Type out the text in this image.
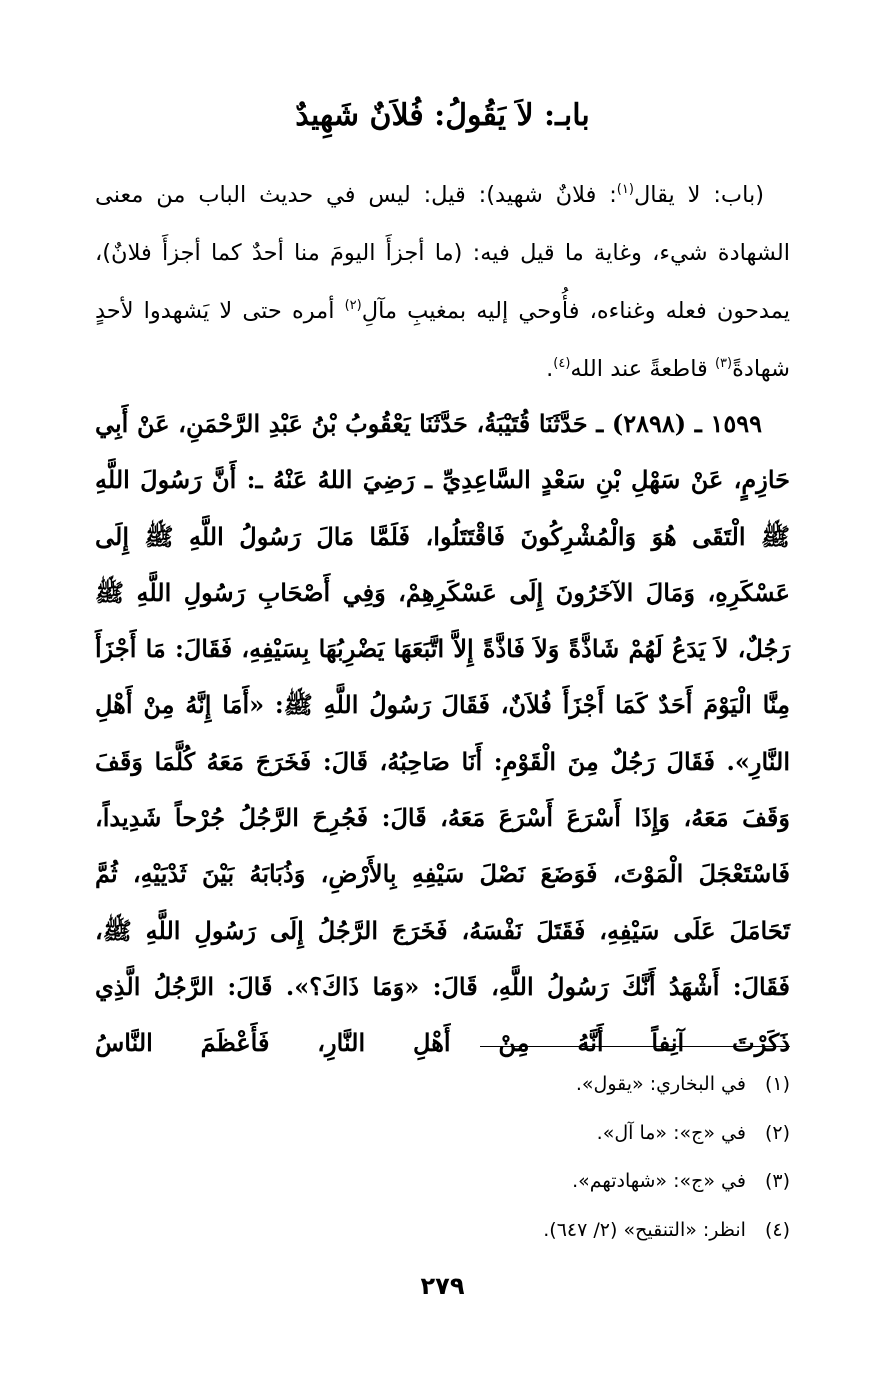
بابـ: لاَ يَقُولُ: فُلاَنٌ شَهِيدٌ

(باب: لا يقال$^{(١)}$: فلانٌ شهيد): قيل: ليس في حديث الباب من معنى الشهادة شيء، وغاية ما قيل فيه: (ما أجزأَ اليومَ منا أحدٌ كما أجزأَ فلانٌ)، يمدحون فعله وغناءه، فأُوحي إليه بمغيبِ مآلِ$^{(٢)}$ أمره حتى لا يَشهدوا لأحدٍ شهادةً$^{(٣)}$ قاطعةً عند الله$^{(٤)}$.

١٥٩٩ ـ (٢٨٩٨) ـ حَدَّثَنَا قُتَيْبَةُ، حَدَّثَنَا يَعْقُوبُ بْنُ عَبْدِ الرَّحْمَنِ، عَنْ أَبِي حَازِمٍ، عَنْ سَهْلِ بْنِ سَعْدٍ السَّاعِدِيِّ ـ رَضِيَ اللهُ عَنْهُ ـ: أَنَّ رَسُولَ اللَّهِ ﷺ الْتَقَى هُوَ وَالْمُشْرِكُونَ فَاقْتَتَلُوا، فَلَمَّا مَالَ رَسُولُ اللَّهِ ﷺ إِلَى عَسْكَرِهِ، وَمَالَ الآخَرُونَ إِلَى عَسْكَرِهِمْ، وَفِي أَصْحَابِ رَسُولِ اللَّهِ ﷺ رَجُلٌ، لاَ يَدَعُ لَهُمْ شَاذَّةً وَلاَ فَاذَّةً إِلاَّ اتَّبَعَهَا يَضْرِبُهَا بِسَيْفِهِ، فَقَالَ: مَا أَجْزَأَ مِنَّا الْيَوْمَ أَحَدٌ كَمَا أَجْزَأَ فُلاَنٌ، فَقَالَ رَسُولُ اللَّهِ ﷺ: «أَمَا إِنَّهُ مِنْ أَهْلِ النَّارِ». فَقَالَ رَجُلٌ مِنَ الْقَوْمِ: أَنَا صَاحِبُهُ، قَالَ: فَخَرَجَ مَعَهُ كُلَّمَا وَقَفَ وَقَفَ مَعَهُ، وَإِذَا أَسْرَعَ أَسْرَعَ مَعَهُ، قَالَ: فَجُرِحَ الرَّجُلُ جُرْحاً شَدِيداً، فَاسْتَعْجَلَ الْمَوْتَ، فَوَضَعَ نَصْلَ سَيْفِهِ بِالأَرْضِ، وَذُبَابَهُ بَيْنَ ثَدْيَيْهِ، ثُمَّ تَحَامَلَ عَلَى سَيْفِهِ، فَقَتَلَ نَفْسَهُ، فَخَرَجَ الرَّجُلُ إِلَى رَسُولِ اللَّهِ ﷺ، فَقَالَ: أَشْهَدُ أَنَّكَ رَسُولُ اللَّهِ، قَالَ: «وَمَا ذَاكَ؟». قَالَ: الرَّجُلُ الَّذِي ذَكَرْتَ آنِفاً أَنَّهُ مِنْ أَهْلِ النَّارِ، فَأَعْظَمَ النَّاسُ

(١) في البخاري: «يقول».
(٢) في «ج»: «ما آل».
(٣) في «ج»: «شهادتهم».
(٤) انظر: «التنقيح» (٢/ ٦٤٧).
٢٧٩
